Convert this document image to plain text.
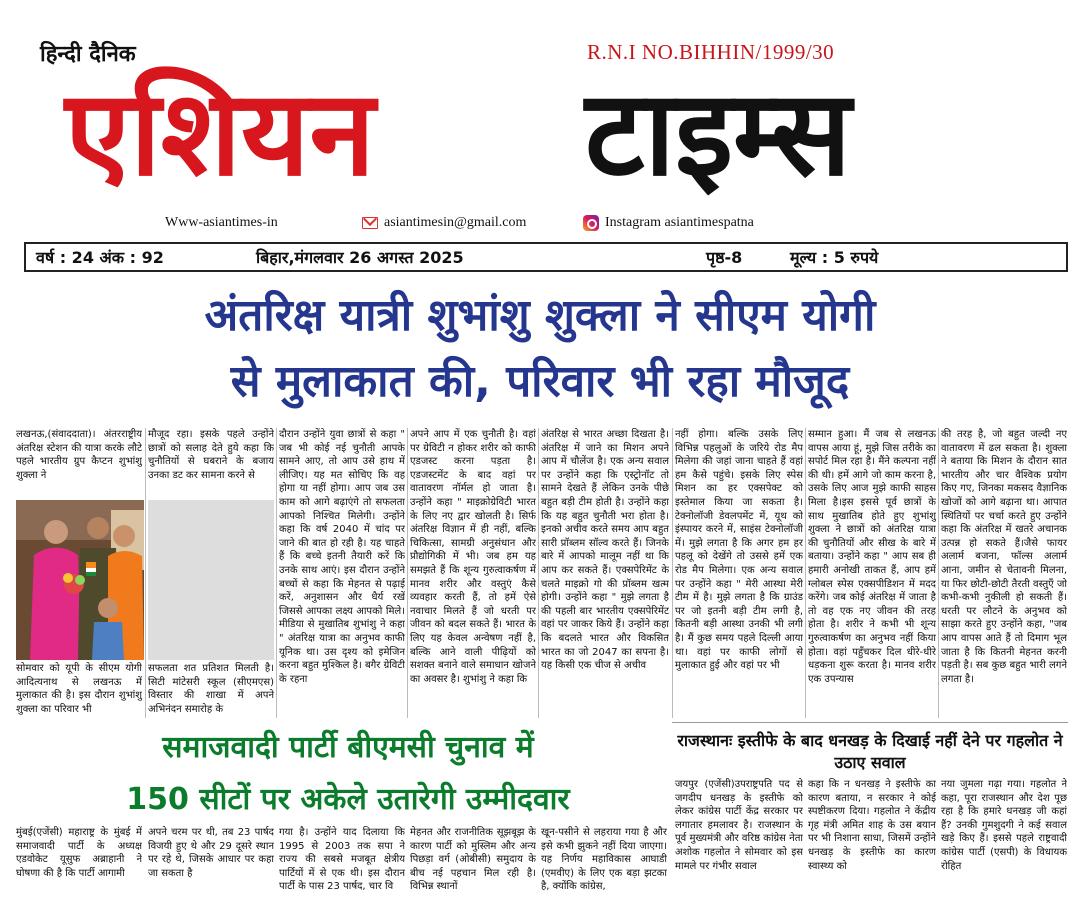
हिन्दी दैनिक	R.N.I NO.BIHHIN/1999/30
एशियन टाइम्स
Www-asiantimes-in	asiantimesin@gmail.com	Instagram asiantimespatna
वर्ष : 24 अंक : 92	बिहार,मंगलवार 26 अगस्त 2025	पृष्ठ-8	मूल्य : 5 रुपये
अंतरिक्ष यात्री शुभांशु शुक्ला ने सीएम योगी
से मुलाकात की, परिवार भी रहा मौजूद
लखनऊ,(संवाददाता)। अंतरराष्ट्रीय अंतरिक्ष स्टेशन की यात्रा करके लौटे पहले भारतीय ग्रुप कैप्टन शुभांशु शुक्ला ने
सोमवार को यूपी के सीएम योगी आदित्यनाथ से लखनऊ में मुलाकात की है। इस दौरान शुभांशु शुक्ला का परिवार भी
मौजूद रहा। इसके पहले उन्होंने छात्रों को सलाह देते हुये कहा कि चुनौतियों से घबराने के बजाय उनका डट कर सामना करने से
सफलता शत प्रतिशत मिलती है। सिटी मांटेसरी स्कूल (सीएमएस) विस्तार की शाखा में अपने अभिनंदन समारोह के
दौरान उन्होंने युवा छात्रों से कहा " जब भी कोई नई चुनौती आपके सामने आए, तो आप उसे हाथ में लीजिए। यह मत सोचिए कि वह होगा या नहीं होगा। आप जब उस काम को आगे बढ़ाएंगे तो सफलता आपको निश्चित मिलेगी। उन्होंने कहा कि वर्ष 2040 में चांद पर जाने की बात हो रही है। यह चाहते हैं कि बच्चे इतनी तैयारी करें कि उनके साथ आएं। इस दौरान उन्होंने बच्चों से कहा कि मेहनत से पढ़ाई करें, अनुशासन और धैर्य रखें जिससे आपका लक्ष्य आपको मिले। मीडिया से मुखातिब शुभांशु ने कहा " अंतरिक्ष यात्रा का अनुभव काफी यूनिक था। उस दृश्य को इमेजिन करना बहुत मुश्किल है। बगैर ग्रेविटी के रहना
अपने आप में एक चुनौती है। वहां पर ग्रेविटी न होकर शरीर को काफी एडजस्ट करना पड़ता है। एडजस्टमेंट के बाद वहां पर वातावरण नॉर्मल हो जाता है। उन्होंने कहा " माइक्रोग्रेविटी भारत के लिए नए द्वार खोलती है। सिर्फ अंतरिक्ष विज्ञान में ही नहीं, बल्कि चिकित्सा, सामग्री अनुसंधान और प्रौद्योगिकी में भी। जब हम यह समझते हैं कि शून्य गुरुत्वाकर्षण में मानव शरीर और वस्तुएं कैसे व्यवहार करती हैं, तो हमें ऐसे नवाचार मिलते हैं जो धरती पर जीवन को बदल सकते हैं। भारत के लिए यह केवल अन्वेषण नहीं है, बल्कि आने वाली पीढ़ियों को सशक्त बनाने वाले समाधान खोजने का अवसर है। शुभांशु ने कहा कि
अंतरिक्ष से भारत अच्छा दिखता है। अंतरिक्ष में जाने का मिशन अपने आप में चौलेंज है। एक अन्य सवाल पर उन्होंने कहा कि एस्ट्रोनॉट तो सामने देखते हैं लेकिन उनके पीछे बहुत बड़ी टीम होती है। उन्होंने कहा कि यह बहुत चुनौती भरा होता है। इनको अचीव करते समय आप बहुत सारी प्रॉब्लम सॉल्व करते हैं। जिनके बारे में आपको मालूम नहीं था कि आप कर सकते हैं। एक्सपेरिमेंट के चलते माइक्रो गो की प्रॉब्लम खत्म होगी। उन्होंने कहा " मुझे लगता है की पहली बार भारतीय एक्सपेरिमेंट वहां पर जाकर किये हैं। उन्होंने कहा कि बदलते भारत और विकसित भारत का जो 2047 का सपना है। यह किसी एक चीज से अचीव
नहीं होगा। बल्कि उसके लिए विभिन्न पहलुओं के जरिये रोड मैप मिलेगा की जहां जाना चाहते हैं वहां हम कैसे पहुंचे। इसके लिए स्पेस मिशन का हर एक्सपेक्ट को इस्तेमाल किया जा सकता है। टेक्नोलॉजी डेवलपमेंट में, यूथ को इंस्पायर करने में, साइंस टेक्नोलॉजी में। मुझे लगता है कि अगर हम हर पहलू को देखेंगे तो उससे हमें एक रोड मैप मिलेगा। एक अन्य सवाल पर उन्होंने कहा " मेरी आस्था मेरी टीम में है। मुझे लगता है कि ग्राउंड पर जो इतनी बड़ी टीम लगी है, कितनी बड़ी आस्था उनकी भी लगी है। मैं कुछ समय पहले दिल्ली आया था। वहां पर काफी लोगों से मुलाकात हुई और वहां पर भी
सम्मान हुआ। मैं जब से लखनऊ वापस आया हूं, मुझे जिस तरीके का सपोर्ट मिल रहा है। मैंने कल्पना नहीं की थी। हमें आगे जो काम करना है, उसके लिए आज मुझे काफी साहस मिला है।इस इससे पूर्व छात्रों के साथ मुखातिब होते हुए शुभांशु शुक्ला ने छात्रों को अंतरिक्ष यात्रा की चुनौतियों और सीख के बारे में बताया। उन्होंने कहा " आप सब ही हमारी अनोखी ताकत हैं, आप हमें ग्लोबल स्पेस एक्सपीडिशन में मदद करेंगे। जब कोई अंतरिक्ष में जाता है तो वह एक नए जीवन की तरह होता है। शरीर ने कभी भी शून्य गुरुत्वाकर्षण का अनुभव नहीं किया होता। वहां पहुँचकर दिल धीरे-धीरे धड़कना शुरू करता है। मानव शरीर एक उपन्यास
की तरह है, जो बहुत जल्दी नए वातावरण में ढल सकता है। शुक्ला ने बताया कि मिशन के दौरान सात भारतीय और चार वैश्विक प्रयोग किए गए, जिनका मकसद वैज्ञानिक खोजों को आगे बढ़ाना था। आपात स्थितियों पर चर्चा करते हुए उन्होंने कहा कि अंतरिक्ष में खतरे अचानक उत्पन्न हो सकते हैं।जैसे फायर अलार्म बजना, फॉल्स अलार्म आना, जमीन से चेतावनी मिलना, या फिर छोटी-छोटी तैरती वस्तुएँ जो कभी-कभी नुकीली हो सकती हैं। धरती पर लौटने के अनुभव को साझा करते हुए उन्होंने कहा, "जब आप वापस आते हैं तो दिमाग भूल जाता है कि कितनी मेहनत करनी पड़ती है। सब कुछ बहुत भारी लगने लगता है।
समाजवादी पार्टी बीएमसी चुनाव में
150 सीटों पर अकेले उतारेगी उम्मीदवार
मुंबई(एजेंसी) महाराष्ट्र के मुंबई में समाजवादी पार्टी के अध्यक्ष एडवोकेट यूसुफ अब्राहानी ने घोषणा की है कि पार्टी आगामी
अपने चरम पर थी, तब 23 पार्षद विजयी हुए थे और 29 दूसरे स्थान पर रहे थे, जिसके आधार पर कहा जा सकता है
गया है। उन्होंने याद दिलाया कि 1995 से 2003 तक सपा ने राज्य की सबसे मजबूत क्षेत्रीय पार्टियों में से एक थी। इस दौरान पार्टी के पास 23 पार्षद, चार वि
मेहनत और राजनीतिक सूझबूझ के कारण पार्टी को मुस्लिम और अन्य पिछड़ा वर्ग (ओबीसी) समुदाय के बीच नई पहचान मिल रही है। विभिन्न स्थानों
खून-पसीने से लहराया गया है और इसे कभी झुकने नहीं दिया जाएगा। यह निर्णय महाविकास आघाडी (एमवीए) के लिए एक बड़ा झटका है, क्योंकि कांग्रेस,
राजस्थानः इस्तीफे के बाद धनखड़ के दिखाई नहीं देने पर गहलोत ने उठाए सवाल
जयपुर (एजेंसी)उपराष्ट्रपति पद से जगदीप धनखड़ के इस्तीफे को लेकर कांग्रेस पार्टी केंद्र सरकार पर लगातार हमलावर है। राजस्थान के पूर्व मुख्यमंत्री और वरिष्ठ कांग्रेस नेता अशोक गहलोत ने सोमवार को इस मामले पर गंभीर सवाल
कहा कि न धनखड़ ने इस्तीफे का कारण बताया, न सरकार ने कोई स्पष्टीकरण दिया। गहलोत ने केंद्रीय गृह मंत्री अमित शाह के उस बयान पर भी निशाना साधा, जिसमें उन्होंने धनखड़ के इस्तीफे का कारण स्वास्थ्य को
नया जुमला गढ़ा गया। गहलोत ने कहा, पूरा राजस्थान और देश पूछ रहा है कि हमारे धनखड़ जी कहां हैं? उनकी गुमशुदगी ने कई सवाल खड़े किए हैं। इससे पहले राष्ट्रवादी कांग्रेस पार्टी (एसपी) के विधायक रोहित
